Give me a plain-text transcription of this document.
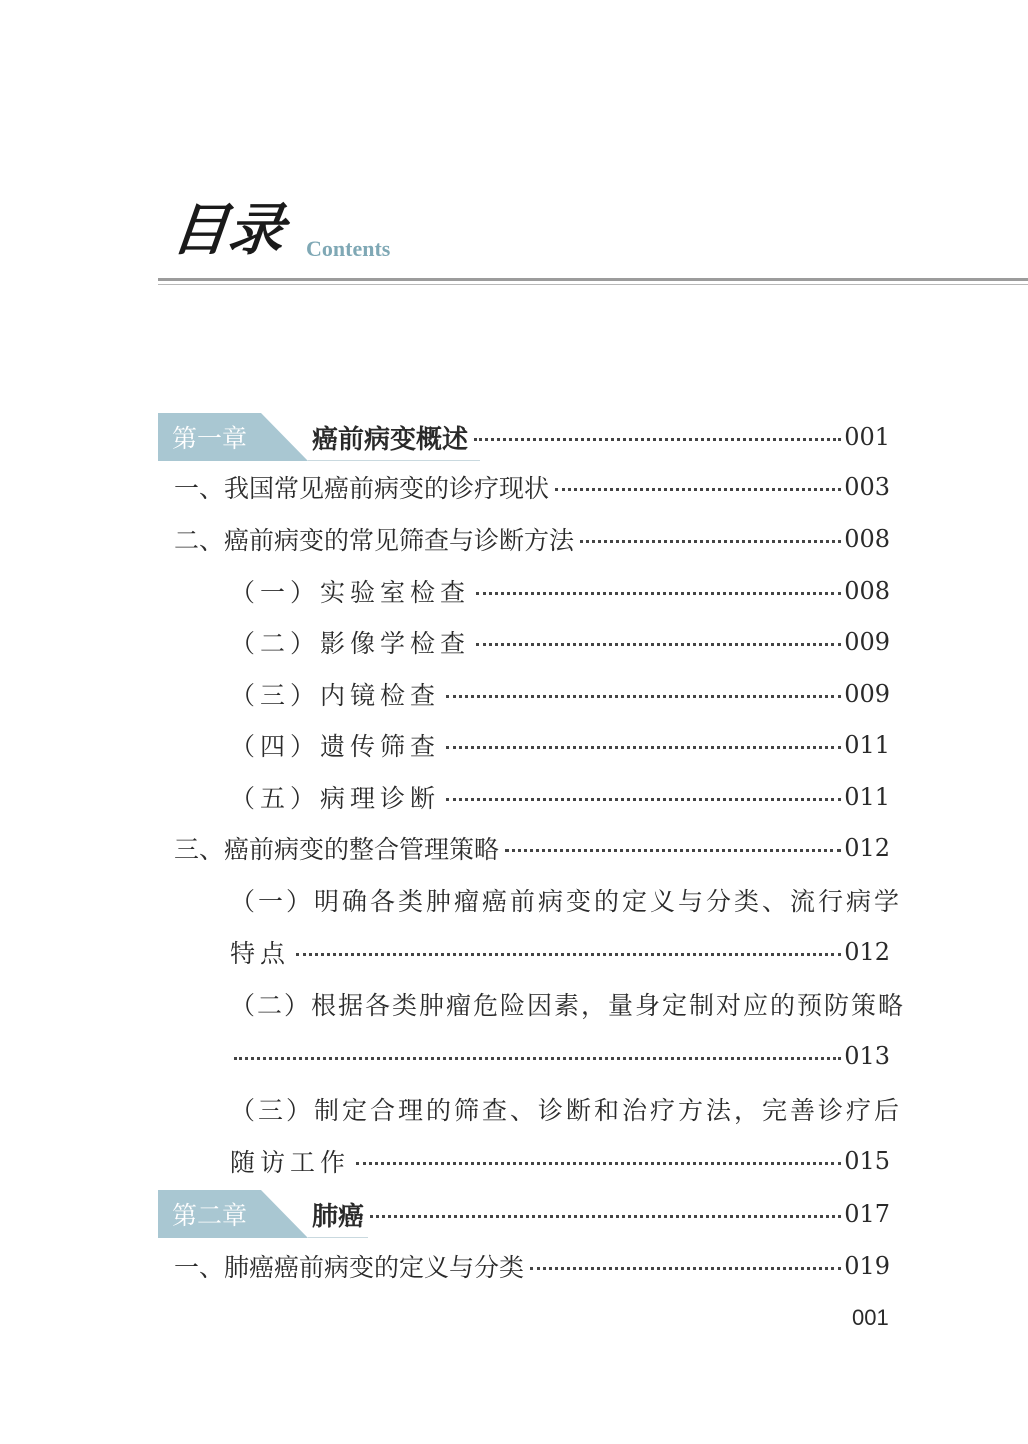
目录 Contents
第一章 癌前病变概述	001
一、我国常见癌前病变的诊疗现状	003
二、癌前病变的常见筛查与诊断方法	008
（一）实验室检查	008
（二）影像学检查	009
（三）内镜检查	009
（四）遗传筛查	011
（五）病理诊断	011
三、癌前病变的整合管理策略	012
（一）明确各类肿瘤癌前病变的定义与分类、流行病学
特点	012
（二）根据各类肿瘤危险因素，量身定制对应的预防策略
013
（三）制定合理的筛查、诊断和治疗方法，完善诊疗后
随访工作	015
第二章 肺癌	017
一、肺癌癌前病变的定义与分类	019
001
